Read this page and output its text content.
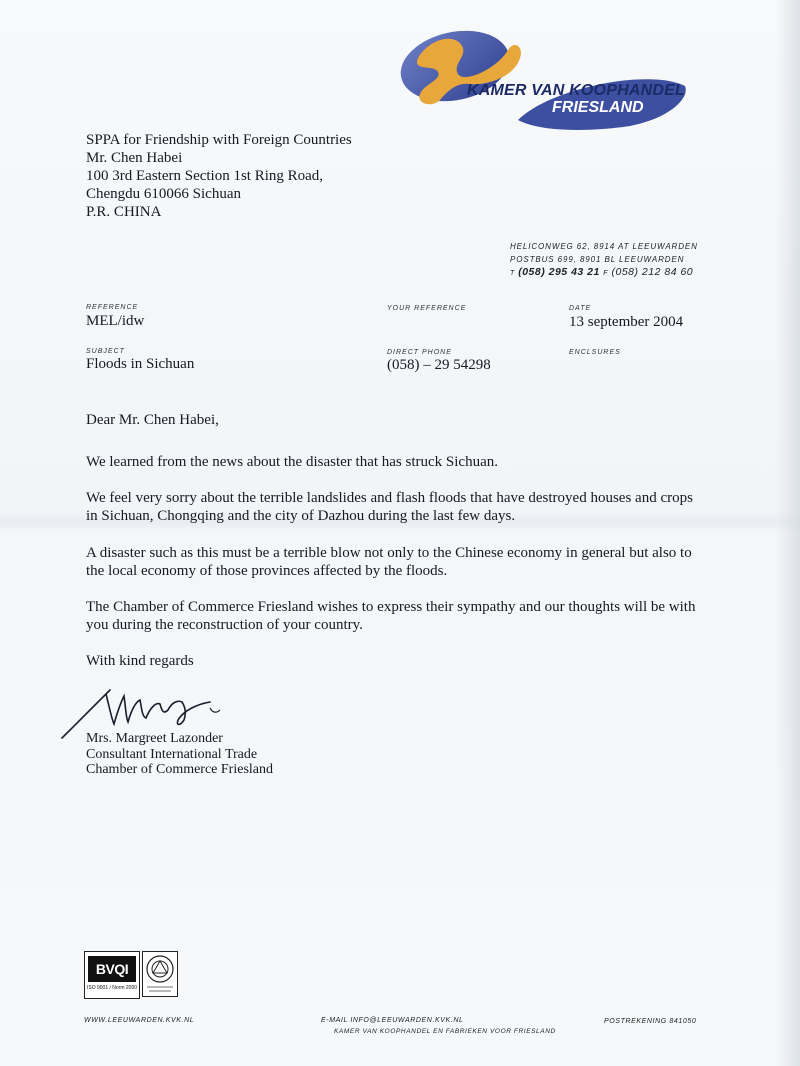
KAMER VAN KOOPHANDEL
FRIESLAND
SPPA for Friendship with Foreign Countries
Mr. Chen Habei
100 3rd Eastern Section 1st Ring Road,
Chengdu 610066 Sichuan
P.R. CHINA
HELICONWEG 62, 8914 AT LEEUWARDEN
POSTBUS 699, 8901 BL LEEUWARDEN
T (058) 295 43 21 F (058) 212 84 60
REFERENCE
MEL/idw
YOUR REFERENCE	DATE
13 september 2004
SUBJECT
Floods in Sichuan
DIRECT PHONE
(058) – 29 54298
ENCLSURES

Dear Mr. Chen Habei,

We learned from the news about the disaster that has struck Sichuan.

We feel very sorry about the terrible landslides and flash floods that have destroyed houses and crops in Sichuan, Chongqing and the city of Dazhou during the last few days.

A disaster such as this must be a terrible blow not only to the Chinese economy in general but also to the local economy of those provinces affected by the floods.

The Chamber of Commerce Friesland wishes to express their sympathy and our thoughts will be with you during the reconstruction of your country.

With kind regards

Mrs. Margreet Lazonder
Consultant International Trade
Chamber of Commerce Friesland
BVQI
ISO 9001 / Norm 2000
WWW.LEEUWARDEN.KVK.NL	E-MAIL INFO@LEEUWARDEN.KVK.NL
KAMER VAN KOOPHANDEL EN FABRIEKEN VOOR FRIESLAND
POSTREKENING 841050
